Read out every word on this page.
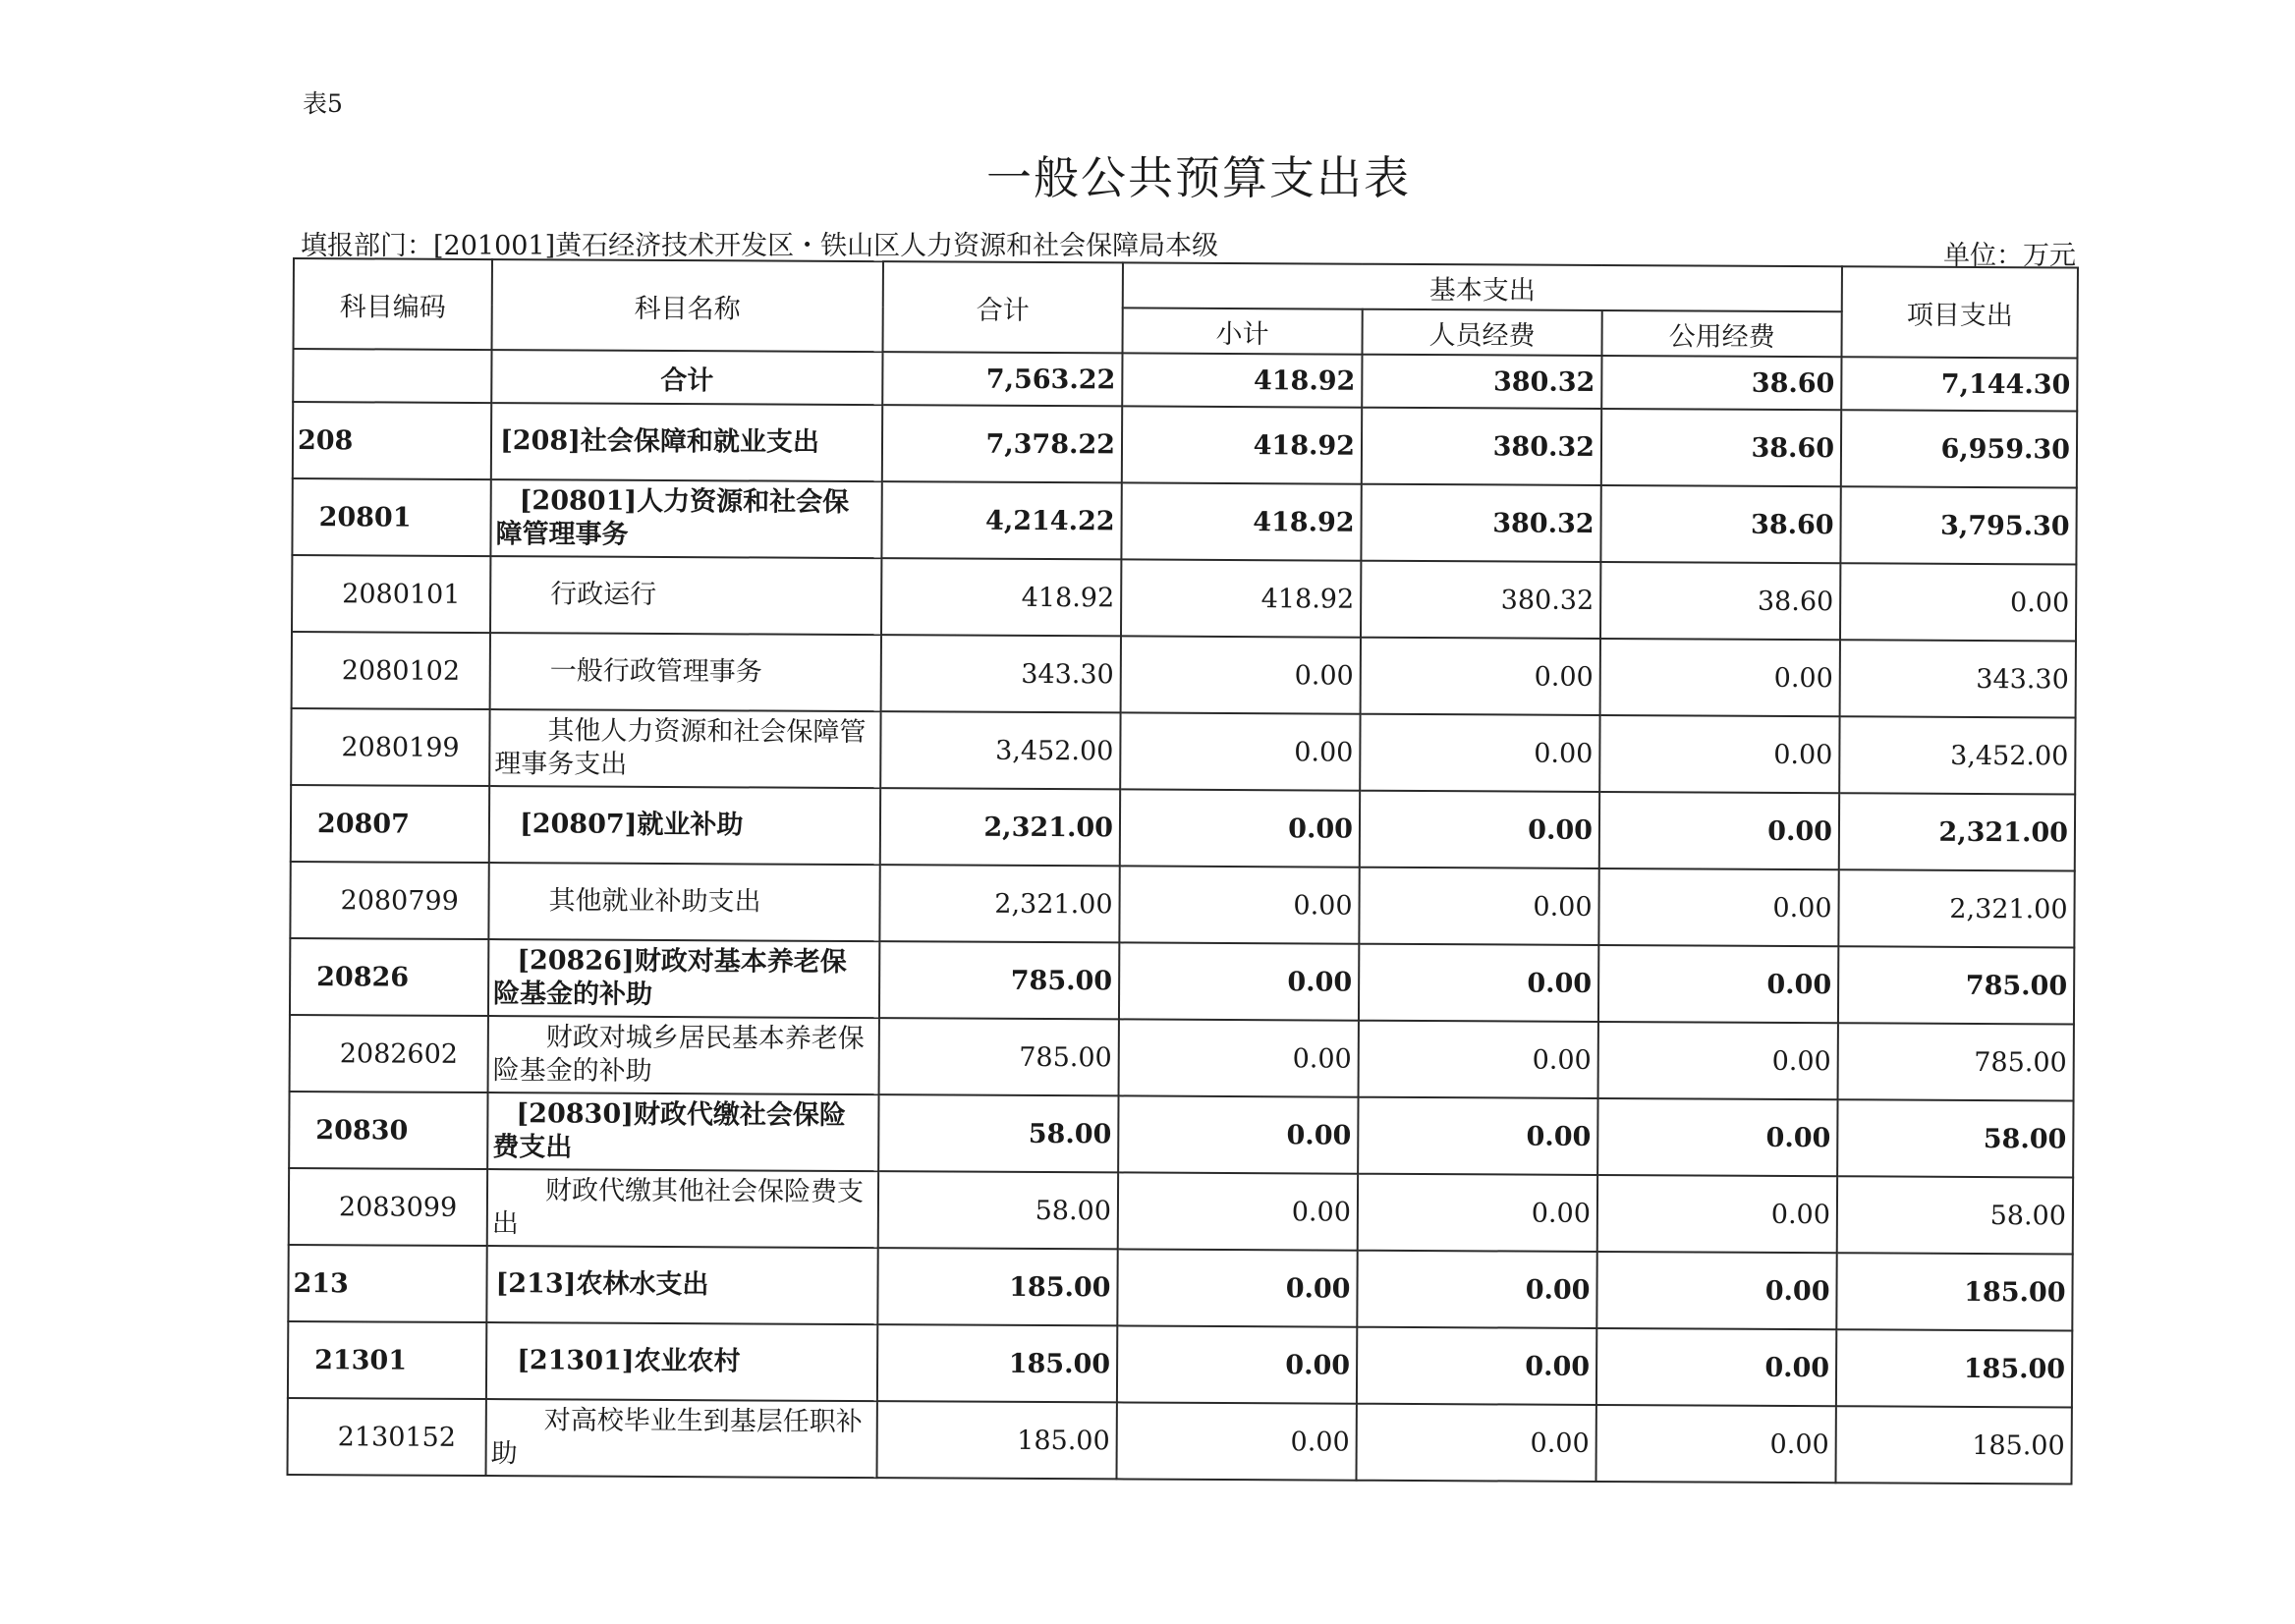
表5
一般公共预算支出表
填报部门：[201001]黄石经济技术开发区・铁山区人力资源和社会保障局本级	单位：万元
科目编码	科目名称	合计	基本支出			项目支出
			小计	人员经费	公用经费	
	合计	7,563.22	418.92	380.32	38.60	7,144.30
208	[208]社会保障和就业支出	7,378.22	418.92	380.32	38.60	6,959.30
20801	[20801]人力资源和社会保障管理事务	4,214.22	418.92	380.32	38.60	3,795.30
2080101	行政运行	418.92	418.92	380.32	38.60	0.00
2080102	一般行政管理事务	343.30	0.00	0.00	0.00	343.30
2080199	其他人力资源和社会保障管理事务支出	3,452.00	0.00	0.00	0.00	3,452.00
20807	[20807]就业补助	2,321.00	0.00	0.00	0.00	2,321.00
2080799	其他就业补助支出	2,321.00	0.00	0.00	0.00	2,321.00
20826	[20826]财政对基本养老保险基金的补助	785.00	0.00	0.00	0.00	785.00
2082602	财政对城乡居民基本养老保险基金的补助	785.00	0.00	0.00	0.00	785.00
20830	[20830]财政代缴社会保险费支出	58.00	0.00	0.00	0.00	58.00
2083099	财政代缴其他社会保险费支出	58.00	0.00	0.00	0.00	58.00
213	[213]农林水支出	185.00	0.00	0.00	0.00	185.00
21301	[21301]农业农村	185.00	0.00	0.00	0.00	185.00
2130152	对高校毕业生到基层任职补助	185.00	0.00	0.00	0.00	185.00
